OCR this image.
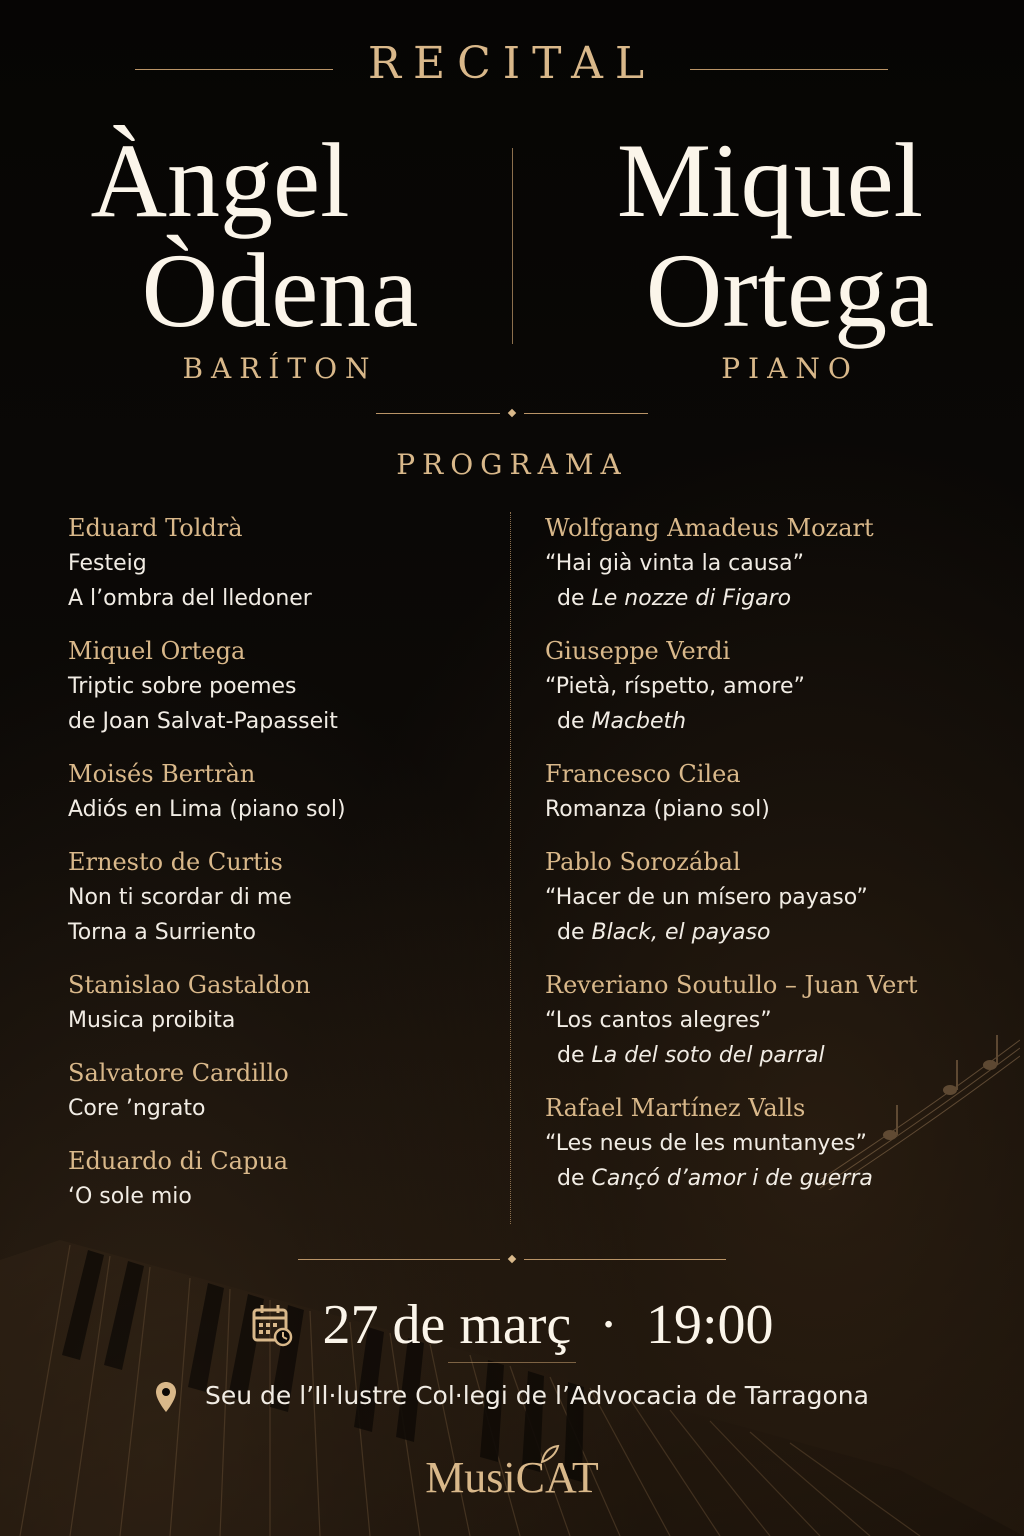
RECITAL
Àngel
Òdena
BARÍTON
Miquel
Ortega
PIANO
PROGRAMA
Eduard Toldrà
Festeig
A l’ombra del lledoner
Miquel Ortega
Triptic sobre poemes
de Joan Salvat-Papasseit
Moisés Bertràn
Adiós en Lima (piano sol)
Ernesto de Curtis
Non ti scordar di me
Torna a Surriento
Stanislao Gastaldon
Musica proibita
Salvatore Cardillo
Core ’ngrato
Eduardo di Capua
‘O sole mio
Wolfgang Amadeus Mozart
“Hai già vinta la causa”
de Le nozze di Figaro
Giuseppe Verdi
“Pietà, ríspetto, amore”
de Macbeth
Francesco Cilea
Romanza (piano sol)
Pablo Sorozábal
“Hacer de un mísero payaso”
de Black, el payaso
Reveriano Soutullo – Juan Vert
“Los cantos alegres”
de La del soto del parral
Rafael Martínez Valls
“Les neus de les muntanyes”
de Cançó d’amor i de guerra
27 de març · 19:00
Seu de l’Il·lustre Col·legi de l’Advocacia de Tarragona
MusiCAT
